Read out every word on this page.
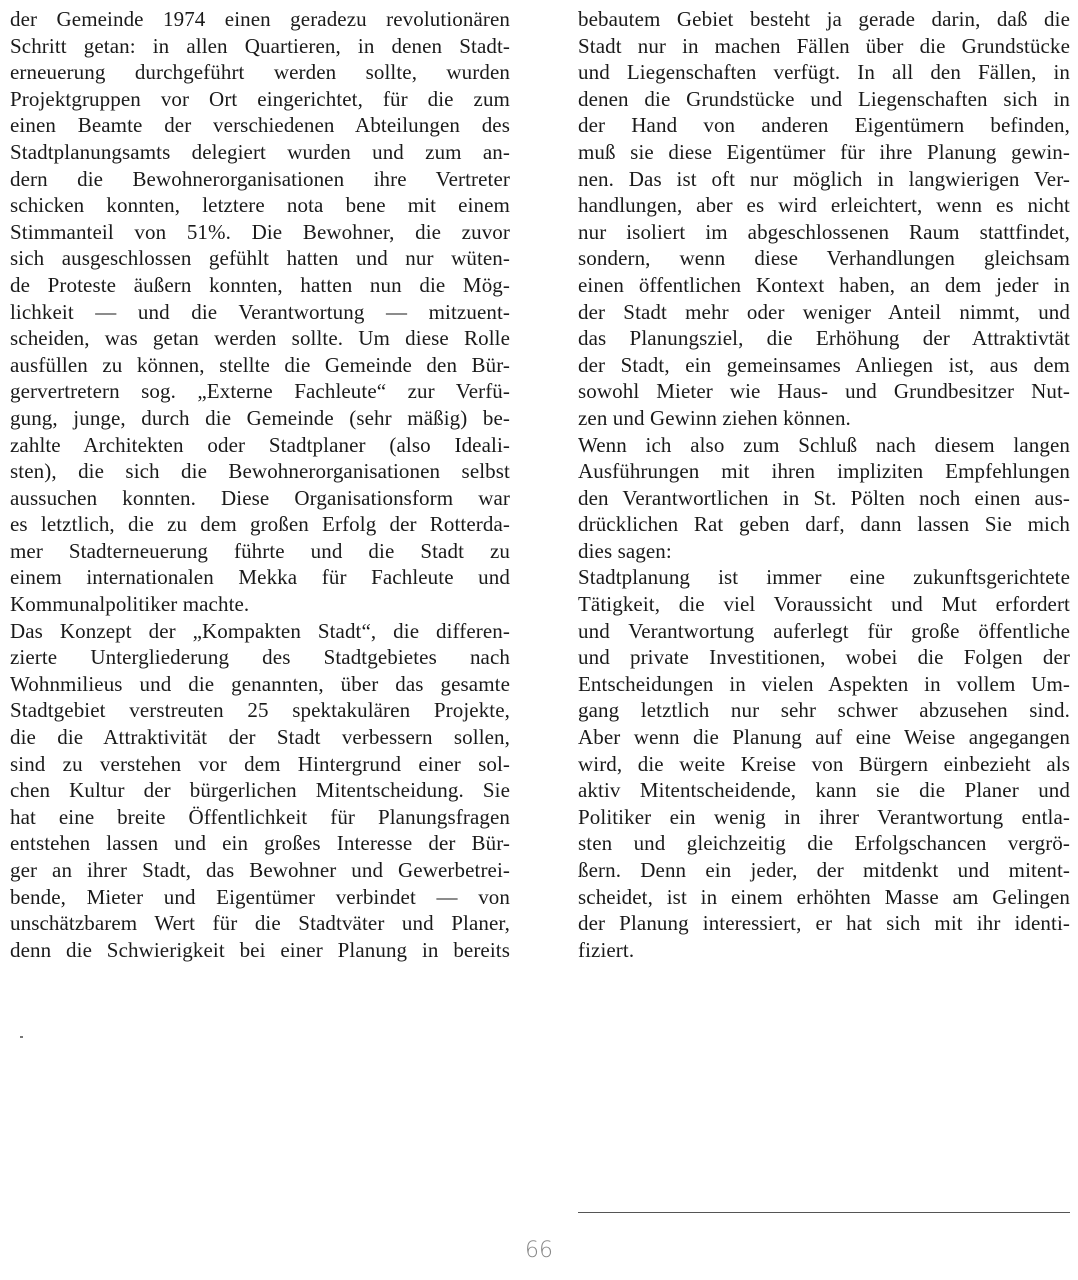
der Gemeinde 1974 einen geradezu revolutionären
Schritt getan: in allen Quartieren, in denen Stadt-
erneuerung durchgeführt werden sollte, wurden
Projektgruppen vor Ort eingerichtet, für die zum
einen Beamte der verschiedenen Abteilungen des
Stadtplanungsamts delegiert wurden und zum an-
dern die Bewohnerorganisationen ihre Vertreter
schicken konnten, letztere nota bene mit einem
Stimmanteil von 51%. Die Bewohner, die zuvor
sich ausgeschlossen gefühlt hatten und nur wüten-
de Proteste äußern konnten, hatten nun die Mög-
lichkeit — und die Verantwortung — mitzuent-
scheiden, was getan werden sollte. Um diese Rolle
ausfüllen zu können, stellte die Gemeinde den Bür-
gervertretern sog. „Externe Fachleute“ zur Verfü-
gung, junge, durch die Gemeinde (sehr mäßig) be-
zahlte Architekten oder Stadtplaner (also Ideali-
sten), die sich die Bewohnerorganisationen selbst
aussuchen konnten. Diese Organisationsform war
es letztlich, die zu dem großen Erfolg der Rotterda-
mer Stadterneuerung führte und die Stadt zu
einem internationalen Mekka für Fachleute und
Kommunalpolitiker machte.
Das Konzept der „Kompakten Stadt“, die differen-
zierte Untergliederung des Stadtgebietes nach
Wohnmilieus und die genannten, über das gesamte
Stadtgebiet verstreuten 25 spektakulären Projekte,
die die Attraktivität der Stadt verbessern sollen,
sind zu verstehen vor dem Hintergrund einer sol-
chen Kultur der bürgerlichen Mitentscheidung. Sie
hat eine breite Öffentlichkeit für Planungsfragen
entstehen lassen und ein großes Interesse der Bür-
ger an ihrer Stadt, das Bewohner und Gewerbetrei-
bende, Mieter und Eigentümer verbindet — von
unschätzbarem Wert für die Stadtväter und Planer,
denn die Schwierigkeit bei einer Planung in bereits
bebautem Gebiet besteht ja gerade darin, daß die
Stadt nur in machen Fällen über die Grundstücke
und Liegenschaften verfügt. In all den Fällen, in
denen die Grundstücke und Liegenschaften sich in
der Hand von anderen Eigentümern befinden,
muß sie diese Eigentümer für ihre Planung gewin-
nen. Das ist oft nur möglich in langwierigen Ver-
handlungen, aber es wird erleichtert, wenn es nicht
nur isoliert im abgeschlossenen Raum stattfindet,
sondern, wenn diese Verhandlungen gleichsam
einen öffentlichen Kontext haben, an dem jeder in
der Stadt mehr oder weniger Anteil nimmt, und
das Planungsziel, die Erhöhung der Attraktivtät
der Stadt, ein gemeinsames Anliegen ist, aus dem
sowohl Mieter wie Haus- und Grundbesitzer Nut-
zen und Gewinn ziehen können.
Wenn ich also zum Schluß nach diesem langen
Ausführungen mit ihren impliziten Empfehlungen
den Verantwortlichen in St. Pölten noch einen aus-
drücklichen Rat geben darf, dann lassen Sie mich
dies sagen:
Stadtplanung ist immer eine zukunftsgerichtete
Tätigkeit, die viel Voraussicht und Mut erfordert
und Verantwortung auferlegt für große öffentliche
und private Investitionen, wobei die Folgen der
Entscheidungen in vielen Aspekten in vollem Um-
gang letztlich nur sehr schwer abzusehen sind.
Aber wenn die Planung auf eine Weise angegangen
wird, die weite Kreise von Bürgern einbezieht als
aktiv Mitentscheidende, kann sie die Planer und
Politiker ein wenig in ihrer Verantwortung entla-
sten und gleichzeitig die Erfolgschancen vergrö-
ßern. Denn ein jeder, der mitdenkt und mitent-
scheidet, ist in einem erhöhten Masse am Gelingen
der Planung interessiert, er hat sich mit ihr identi-
fiziert.
66
